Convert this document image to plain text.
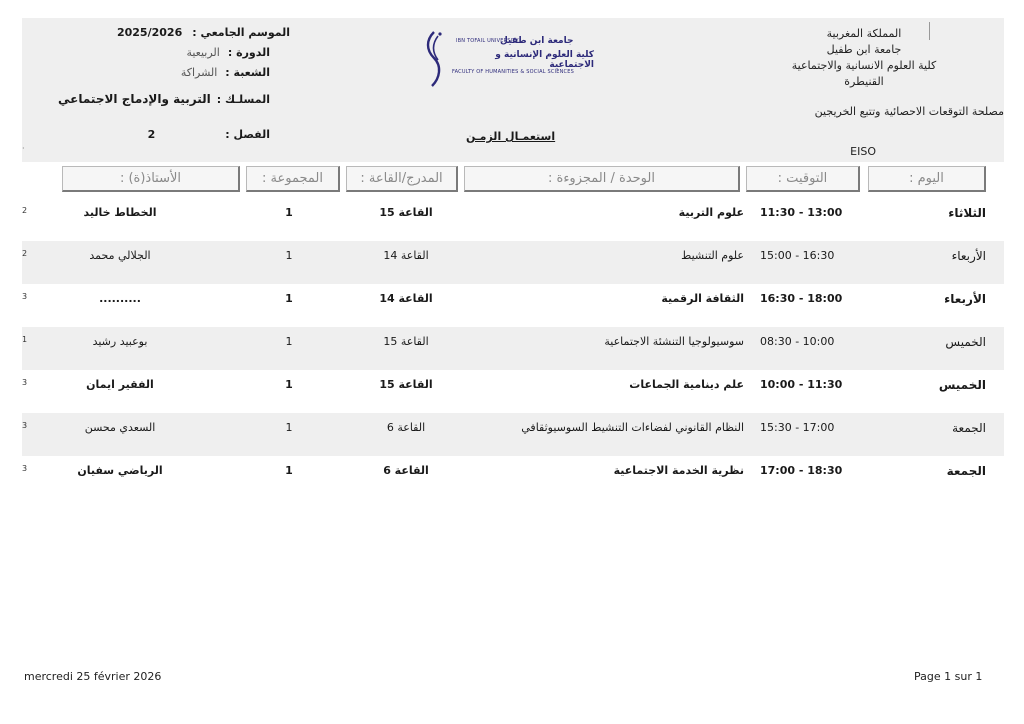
المملكة المغربية
جامعة ابن طفيل
كلية العلوم الانسانية والاجتماعية
القنيطرة
مصلحة التوقعات الاحصائية وتتبع الخريجين
EISO
IBN TOFAIL UNIVERSITY
جامعة ابن طفيل
كلية العلوم الإنسانية و الاجتماعية
FACULTY OF HUMANITIES & SOCIAL SCIENCES
الموسم الجامعي :
2025/2026
الدورة :
الربيعية
الشعبة :
الشراكة
المسلـك :
التربية والإدماج الاجتماعي
الفصل :
2	استعمـال الزمـن
·
اليوم :
التوقيت :
الوحدة / المجزوءة :
المدرج/القاعة :
المجموعة :
الأستاذ(ة) :
الثلاثاء
11:30 - 13:00
علوم التربية
القاعة 15
1
الخطاط خاليد
2
الأربعاء
15:00 - 16:30
علوم التنشيط
القاعة 14
1
الجلالي محمد
2
الأربعاء
16:30 - 18:00
الثقافة الرقمية
القاعة 14
1
..........
3
الخميس
08:30 - 10:00
سوسيولوجيا التنشئة الاجتماعية
القاعة 15
1
بوعبيد رشيد
1
الخميس
10:00 - 11:30
علم دينامية الجماعات
القاعة 15
1
الفقير ايمان
3
الجمعة
15:30 - 17:00
النظام القانوني لفضاءات التنشيط السوسيوثقافي
القاعة 6
1
السعدي محسن
3
الجمعة
17:00 - 18:30
نظرية الخدمة الاجتماعية
القاعة 6
1
الرياضي سفيان
3
mercredi 25 février 2026	Page 1 sur 1
